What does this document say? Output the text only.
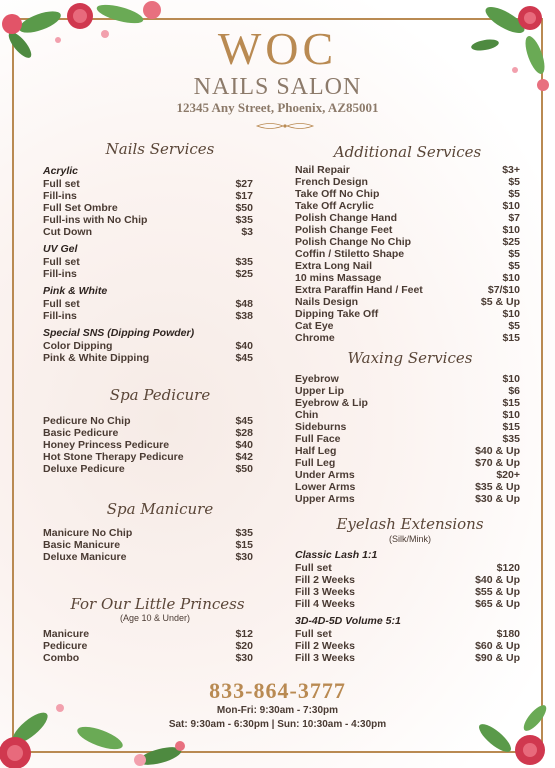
WOC
NAILS SALON
12345 Any Street, Phoenix, AZ85001
Nails Services
Acrylic
Full set	$27
Fill-ins	$17
Full Set Ombre	$50
Full-ins with No Chip	$35
Cut Down	$3
UV Gel
Full set	$35
Fill-ins	$25
Pink & White
Full set	$48
Fill-ins	$38
Special SNS (Dipping Powder)
Color Dipping	$40
Pink & White Dipping	$45
Spa Pedicure
Pedicure No Chip	$45
Basic Pedicure	$28
Honey Princess Pedicure	$40
Hot Stone Therapy Pedicure	$42
Deluxe Pedicure	$50
Spa Manicure
Manicure No Chip	$35
Basic Manicure	$15
Deluxe Manicure	$30
For Our Little Princess
(Age 10 & Under)
Manicure	$12
Pedicure	$20
Combo	$30
Additional Services
Nail Repair	$3+
French Design	$5
Take Off No Chip	$5
Take Off Acrylic	$10
Polish Change Hand	$7
Polish Change Feet	$10
Polish Change No Chip	$25
Coffin / Stiletto Shape	$5
Extra Long Nail	$5
10 mins Massage	$10
Extra Paraffin Hand / Feet	$7/$10
Nails Design	$5 & Up
Dipping Take Off	$10
Cat Eye	$5
Chrome	$15
Waxing Services
Eyebrow	$10
Upper Lip	$6
Eyebrow & Lip	$15
Chin	$10
Sideburns	$15
Full Face	$35
Half Leg	$40 & Up
Full Leg	$70 & Up
Under Arms	$20+
Lower Arms	$35 & Up
Upper Arms	$30 & Up
Eyelash Extensions
(Silk/Mink)
Classic Lash 1:1
Full set	$120
Fill 2 Weeks	$40 & Up
Fill 3 Weeks	$55 & Up
Fill 4 Weeks	$65 & Up
3D-4D-5D Volume 5:1
Full set	$180
Fill 2 Weeks	$60 & Up
Fill 3 Weeks	$90 & Up
833-864-3777
Mon-Fri: 9:30am - 7:30pm
Sat: 9:30am - 6:30pm | Sun: 10:30am - 4:30pm
